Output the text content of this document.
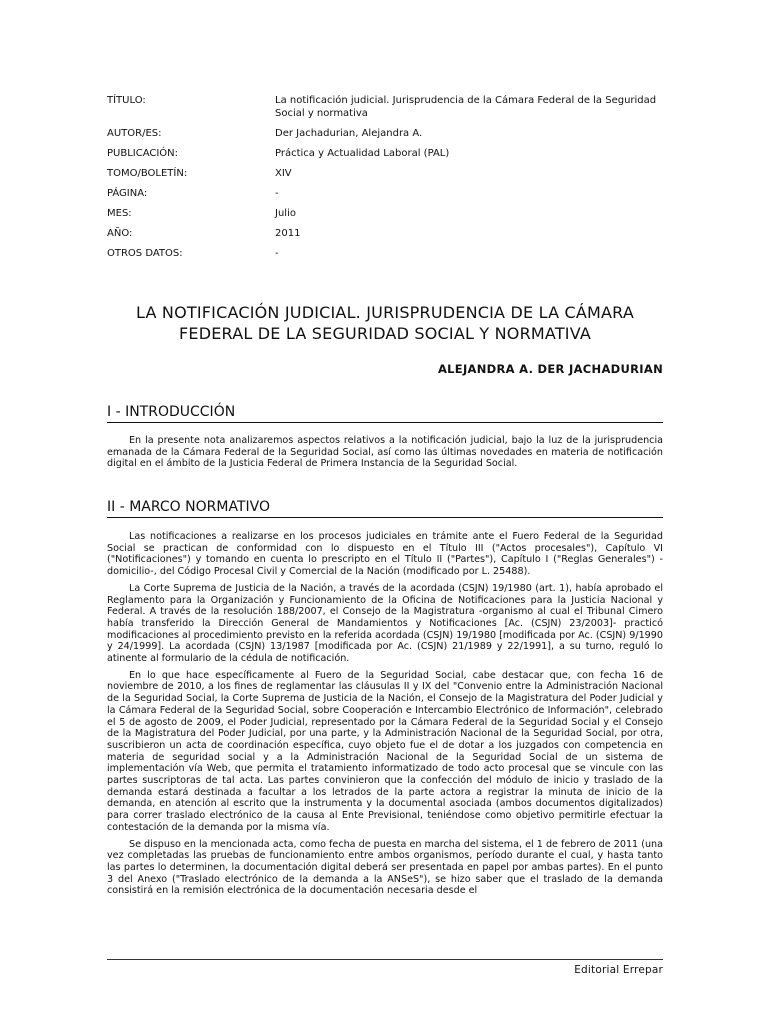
TÍTULO:	La notificación judicial. Jurisprudencia de la Cámara Federal de la Seguridad Social y normativa
AUTOR/ES:	Der Jachadurian, Alejandra A.
PUBLICACIÓN:	Práctica y Actualidad Laboral (PAL)
TOMO/BOLETÍN:	XIV
PÁGINA:	-
MES:	Julio
AÑO:	2011
OTROS DATOS:	-
LA NOTIFICACIÓN JUDICIAL. JURISPRUDENCIA DE LA CÁMARA
FEDERAL DE LA SEGURIDAD SOCIAL Y NORMATIVA
ALEJANDRA A. DER JACHADURIAN
I - INTRODUCCIÓN

En la presente nota analizaremos aspectos relativos a la notificación judicial, bajo la luz de la jurisprudencia emanada de la Cámara Federal de la Seguridad Social, así como las últimas novedades en materia de notificación digital en el ámbito de la Justicia Federal de Primera Instancia de la Seguridad Social.

II - MARCO NORMATIVO

Las notificaciones a realizarse en los procesos judiciales en trámite ante el Fuero Federal de la Seguridad Social se practican de conformidad con lo dispuesto en el Título III ("Actos procesales"), Capítulo VI ("Notificaciones") y tomando en cuenta lo prescripto en el Título II ("Partes"), Capítulo I ("Reglas Generales") -domicilio-, del Código Procesal Civil y Comercial de la Nación (modificado por L. 25488).

La Corte Suprema de Justicia de la Nación, a través de la acordada (CSJN) 19/1980 (art. 1), había aprobado el Reglamento para la Organización y Funcionamiento de la Oficina de Notificaciones para la Justicia Nacional y Federal. A través de la resolución 188/2007, el Consejo de la Magistratura -organismo al cual el Tribunal Cimero había transferido la Dirección General de Mandamientos y Notificaciones [Ac. (CSJN) 23/2003]- practicó modificaciones al procedimiento previsto en la referida acordada (CSJN) 19/1980 [modificada por Ac. (CSJN) 9/1990 y 24/1999]. La acordada (CSJN) 13/1987 [modificada por Ac. (CSJN) 21/1989 y 22/1991], a su turno, reguló lo atinente al formulario de la cédula de notificación.

En lo que hace específicamente al Fuero de la Seguridad Social, cabe destacar que, con fecha 16 de noviembre de 2010, a los fines de reglamentar las cláusulas II y IX del "Convenio entre la Administración Nacional de la Seguridad Social, la Corte Suprema de Justicia de la Nación, el Consejo de la Magistratura del Poder Judicial y la Cámara Federal de la Seguridad Social, sobre Cooperación e Intercambio Electrónico de Información", celebrado el 5 de agosto de 2009, el Poder Judicial, representado por la Cámara Federal de la Seguridad Social y el Consejo de la Magistratura del Poder Judicial, por una parte, y la Administración Nacional de la Seguridad Social, por otra, suscribieron un acta de coordinación específica, cuyo objeto fue el de dotar a los juzgados con competencia en materia de seguridad social y a la Administración Nacional de la Seguridad Social de un sistema de implementación vía Web, que permita el tratamiento informatizado de todo acto procesal que se vincule con las partes suscriptoras de tal acta. Las partes convinieron que la confección del módulo de inicio y traslado de la demanda estará destinada a facultar a los letrados de la parte actora a registrar la minuta de inicio de la demanda, en atención al escrito que la instrumenta y la documental asociada (ambos documentos digitalizados) para correr traslado electrónico de la causa al Ente Previsional, teniéndose como objetivo permitirle efectuar la contestación de la demanda por la misma vía.

Se dispuso en la mencionada acta, como fecha de puesta en marcha del sistema, el 1 de febrero de 2011 (una vez completadas las pruebas de funcionamiento entre ambos organismos, período durante el cual, y hasta tanto las partes lo determinen, la documentación digital deberá ser presentada en papel por ambas partes). En el punto 3 del Anexo ("Traslado electrónico de la demanda a la ANSeS"), se hizo saber que el traslado de la demanda consistirá en la remisión electrónica de la documentación necesaria desde el

Editorial Errepar
